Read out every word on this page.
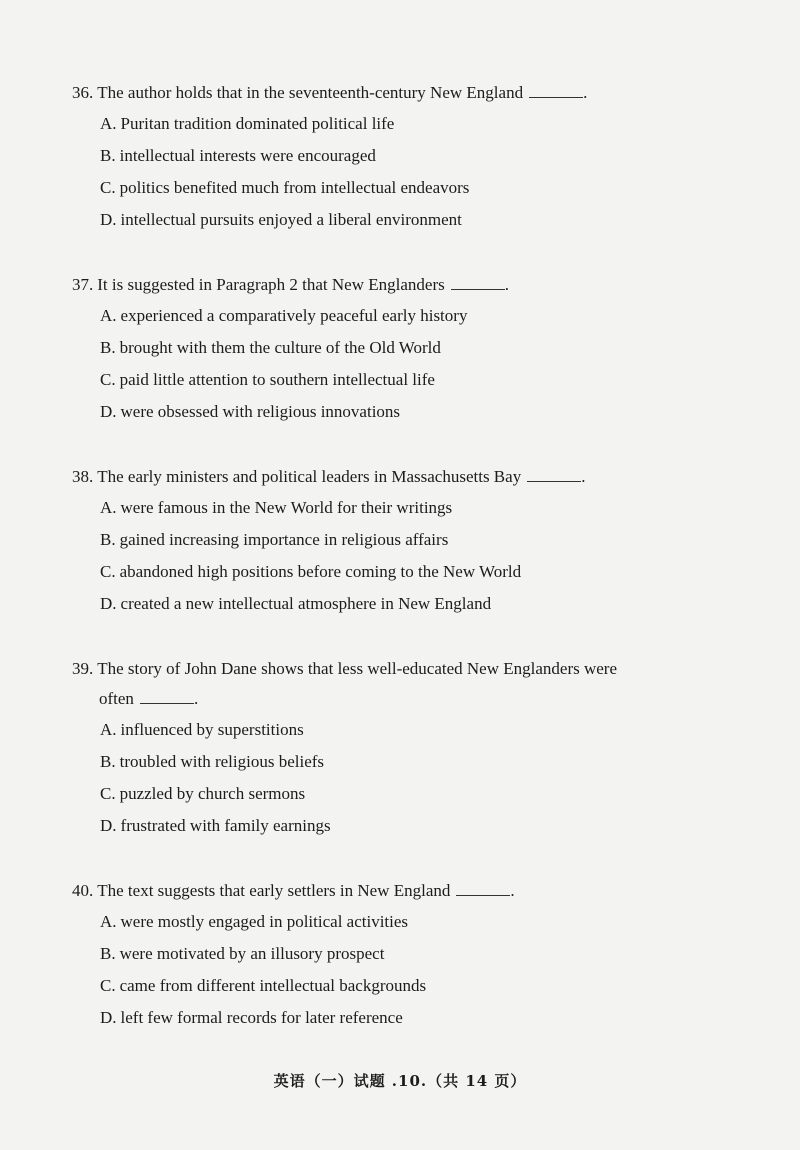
36. The author holds that in the seventeenth-century New England	.

A. Puritan tradition dominated political life
B. intellectual interests were encouraged
C. politics benefited much from intellectual endeavors
D. intellectual pursuits enjoyed a liberal environment

37. It is suggested in Paragraph 2 that New Englanders	.

A. experienced a comparatively peaceful early history
B. brought with them the culture of the Old World
C. paid little attention to southern intellectual life
D. were obsessed with religious innovations

38. The early ministers and political leaders in Massachusetts Bay	.

A. were famous in the New World for their writings
B. gained increasing importance in religious affairs
C. abandoned high positions before coming to the New World
D. created a new intellectual atmosphere in New England

39. The story of John Dane shows that less well-educated New Englanders were
often	.

A. influenced by superstitions
B. troubled with religious beliefs
C. puzzled by church sermons
D. frustrated with family earnings

40. The text suggests that early settlers in New England	.

A. were mostly engaged in political activities
B. were motivated by an illusory prospect
C. came from different intellectual backgrounds
D. left few formal records for later reference
英语（一）试题 .10.（共 14 页）
